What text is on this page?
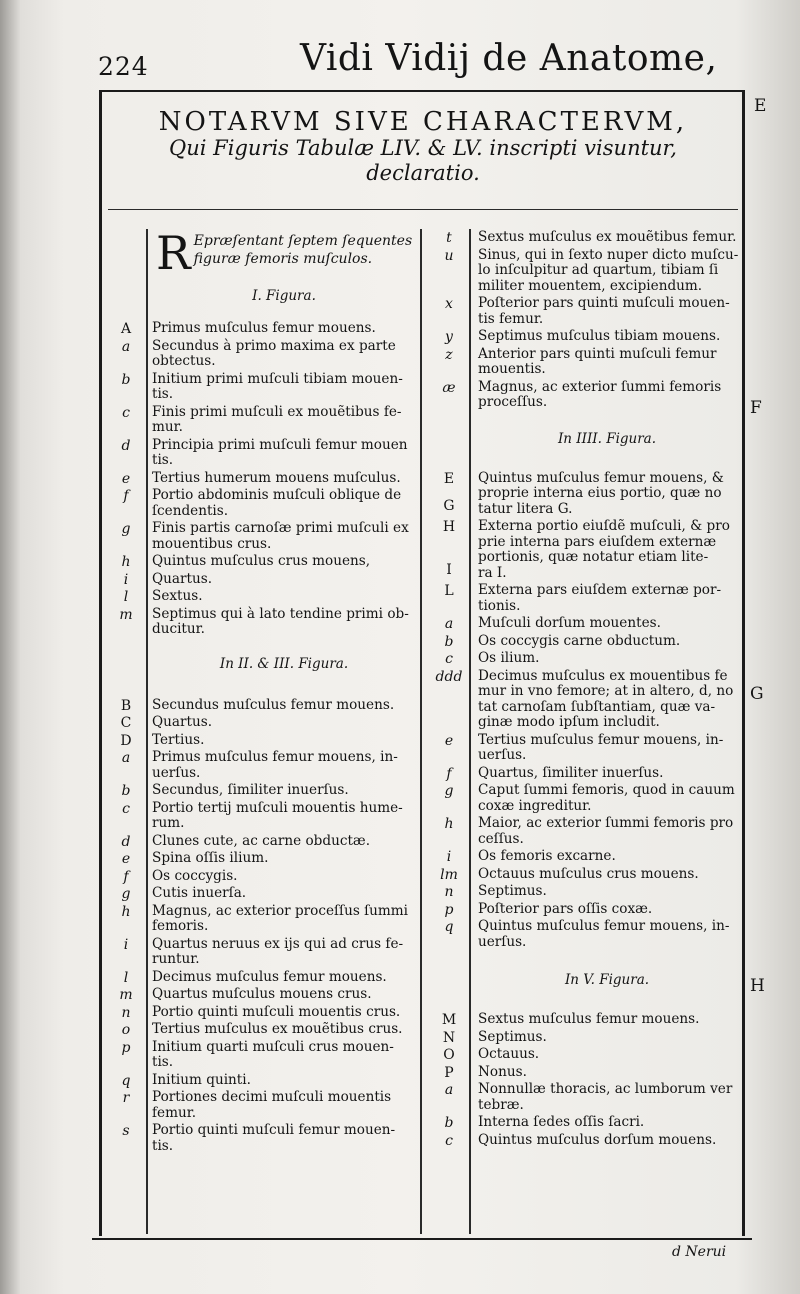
224	Vidi Vidij de Anatome,
NOTARVM SIVE CHARACTERVM,
Qui Figuris Tabulæ LIV. & LV. inscripti visuntur,
declaratio.
E
F
G
H
R Epræſentant ſeptem ſequentes figuræ femoris muſculos.
I. Figura.
A	Primus muſculus femur mouens.
a	Secundus à primo maxima ex parte
obtectus.
b	Initium primi muſculi tibiam mouen-
tis.
c	Finis primi muſculi ex mouẽtibus fe-
mur.
d	Principia primi muſculi femur mouen
tis.
e	Tertius humerum mouens muſculus.
f	Portio abdominis muſculi oblique de
ſcendentis.
g	Finis partis carnoſæ primi muſculi ex
mouentibus crus.
h	Quintus muſculus crus mouens,
i	Quartus.
l	Sextus.
m	Septimus qui à lato tendine primi ob-
ducitur.
In II. & III. Figura.
B	Secundus muſculus femur mouens.
C	Quartus.
D	Tertius.
a	Primus muſculus femur mouens, in-
uerſus.
b	Secundus, ſimiliter inuerſus.
c	Portio tertij muſculi mouentis hume-
rum.
d	Clunes cute, ac carne obductæ.
e	Spina oſſis ilium.
f	Os coccygis.
g	Cutis inuerſa.
h	Magnus, ac exterior proceſſus ſummi
femoris.
i	Quartus neruus ex ijs qui ad crus fe-
runtur.
l	Decimus muſculus femur mouens.
m	Quartus muſculus mouens crus.
n	Portio quinti muſculi mouentis crus.
o	Tertius muſculus ex mouẽtibus crus.
p	Initium quarti muſculi crus mouen-
tis.
q	Initium quinti.
r	Portiones decimi muſculi mouentis
femur.
s	Portio quinti muſculi femur mouen-
tis.
t	Sextus muſculus ex mouẽtibus femur.
u	Sinus, qui in ſexto nuper dicto muſcu-
lo inſculpitur ad quartum, tibiam ſi
militer mouentem, excipiendum.
x	Poſterior pars quinti muſculi mouen-
tis femur.
y	Septimus muſculus tibiam mouens.
z	Anterior pars quinti muſculi femur
mouentis.
æ	Magnus, ac exterior ſummi femoris
proceſſus.
In IIII. Figura.
E	Quintus muſculus femur mouens, &
proprie interna eius portio, quæ no
tatur litera G.
G
H	Externa portio eiuſdẽ muſculi, & pro
prie interna pars eiuſdem externæ
portionis, quæ notatur etiam lite-
ra I.
I
L	Externa pars eiuſdem externæ por-
tionis.
a	Muſculi dorſum mouentes.
b	Os coccygis carne obductum.
c	Os ilium.
ddd	Decimus muſculus ex mouentibus fe
mur in vno femore; at in altero, d, no
tat carnoſam ſubſtantiam, quæ va-
ginæ modo ipſum includit.
e	Tertius muſculus femur mouens, in-
uerſus.
f	Quartus, ſimiliter inuerſus.
g	Caput ſummi femoris, quod in cauum
coxæ ingreditur.
h	Maior, ac exterior ſummi femoris pro
ceſſus.
i	Os femoris excarne.
lm	Octauus muſculus crus mouens.
n	Septimus.
p	Poſterior pars oſſis coxæ.
q	Quintus muſculus femur mouens, in-
uerſus.
In V. Figura.
M	Sextus muſculus femur mouens.
N	Septimus.
O	Octauus.
P	Nonus.
a	Nonnullæ thoracis, ac lumborum ver
tebræ.
b	Interna ſedes oſſis ſacri.
c	Quintus muſculus dorſum mouens.
d Nerui
